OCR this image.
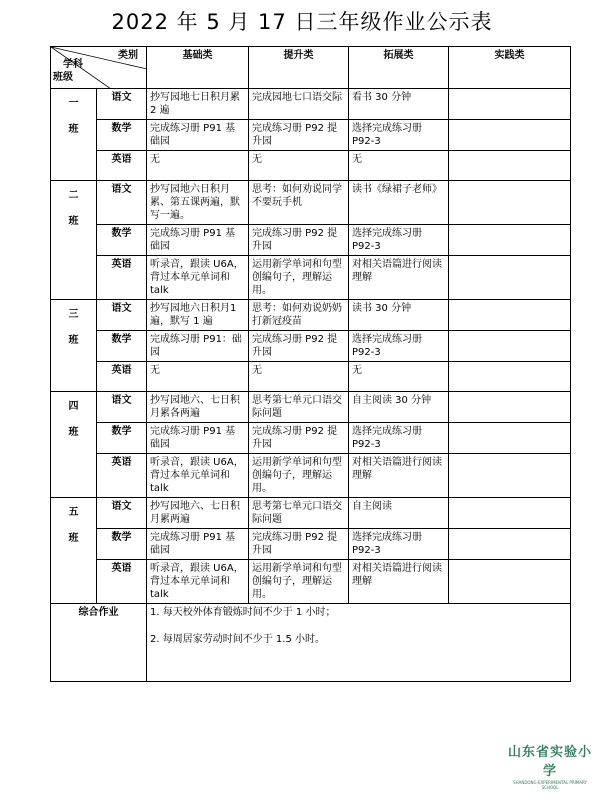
2022 年 5 月 17 日三年级作业公示表
类别
学科
班级		基础类	提升类	拓展类	实践类

一
班	语文	抄写园地七日积月累 2 遍	完成园地七口语交际	看书 30 分钟	
	数学	完成练习册 P91 基础园	完成练习册 P92 提升园	选择完成练习册 P92-3	
	英语	无	无	无	

二
班	语文	抄写园地六日积月累、第五课两遍，默写一遍。	思考：如何劝说同学不要玩手机	读书《绿裙子老师》	
	数学	完成练习册 P91 基础园	完成练习册 P92 提升园	选择完成练习册 P92-3	
	英语	听录音，跟读 U6A，背过本单元单词和 talk	运用新学单词和句型创编句子，理解运用。	对相关语篇进行阅读理解	

三
班	语文	抄写园地六日积月1遍，默写 1 遍	思考：如何劝说奶奶打新冠疫苗	读书 30 分钟	
	数学	完成练习册 P91：础园	完成练习册 P92 提升园	选择完成练习册 P92-3	
	英语	无	无	无	

四
班	语文	抄写园地六、七日积月累各两遍	思考第七单元口语交际问题	自主阅读 30 分钟	
	数学	完成练习册 P91 基础园	完成练习册 P92 提升园	选择完成练习册 P92-3	
	英语	听录音，跟读 U6A，背过本单元单词和 talk	运用新学单词和句型创编句子，理解运用。	对相关语篇进行阅读理解	

五
班	语文	抄写园地六、七日积月累两遍	思考第七单元口语交际问题	自主阅读	
	数学	完成练习册 P91 基础园	完成练习册 P92 提升园	选择完成练习册 P92-3	
	英语	听录音，跟读 U6A，背过本单元单词和 talk	运用新学单词和句型创编句子，理解运用。	对相关语篇进行阅读理解	
综合作业		1. 每天校外体育锻炼时间不少于 1 小时；
2. 每周居家劳动时间不少于 1.5 小时。			
山东省实验小学
SHANDONG EXPERIMENTAL PRIMARY SCHOOL
